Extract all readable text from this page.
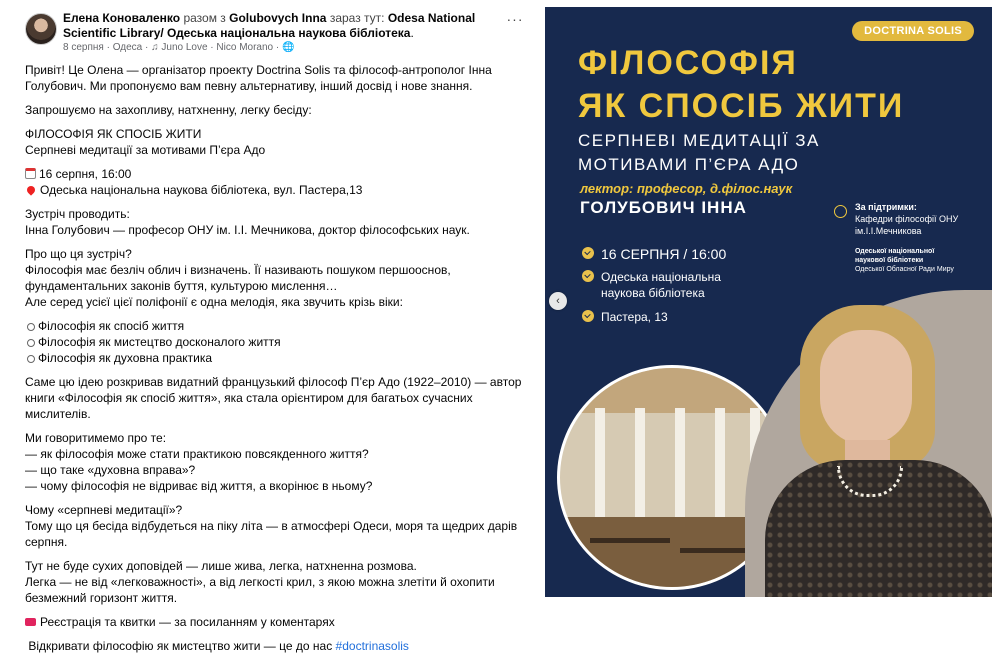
Елена Коноваленко разом з Golubovych Inna зараз тут: Odesa National Scientific Library/ Одеська національна наукова бібліотека.
8 серпня · Одеса · ♫ Juno Love · Nico Morano · 🌐
···

Привіт! Це Олена — організатор проекту Doctrina Solis та філософ-антрополог Інна Голубович. Ми пропонуємо вам певну альтернативу, інший досвід і нове знання.

Запрошуємо на захопливу, натхненну, легку бесіду:

ФІЛОСОФІЯ ЯК СПОСІБ ЖИТИ
Серпневі медитації за мотивами П’єра Адо

16 серпня, 16:00
Одеська національна наукова бібліотека, вул. Пастера,13

Зустріч проводить:
Інна Голубович — професор ОНУ ім. І.І. Мечникова, доктор філософських наук.

Про що ця зустріч?
Філософія має безліч облич і визначень. Її називають пошуком першооснов,
фундаментальних законів буття, культурою мислення…
Але серед усієї цієї поліфонії є одна мелодія, яка звучить крізь віки:

Філософія як спосіб життя
Філософія як мистецтво досконалого життя
Філософія як духовна практика

Саме цю ідею розкривав видатний французький філософ П’єр Адо (1922–2010) — автор книги «Філософія як спосіб життя», яка стала орієнтиром для багатьох сучасних мислителів.

Ми говоритимемо про те:
— як філософія може стати практикою повсякденного життя?
— що таке «духовна вправа»?
— чому філософія не відриває від життя, а вкорінює в ньому?

Чому «серпневі медитації»?
Тому що ця бесіда відбудеться на піку літа — в атмосфері Одеси, моря та щедрих дарів серпня.

Тут не буде сухих доповідей — лише жива, легка, натхненна розмова.
Легка — не від «легковажності», а від легкості крил, з якою можна злетіти й охопити безмежний горизонт життя.

Реєстрація та квитки — за посиланням у коментарях

Відкривати філософію як мистецтво жити — це до нас #doctrinasolis

DOCTRINA SOLIS
ФІЛОСОФІЯ
ЯК СПОСІБ ЖИТИ
СЕРПНЕВІ МЕДИТАЦІЇ ЗА
МОТИВАМИ П’ЄРА АДО
лектор: професор, д.філос.наук
ГОЛУБОВИЧ ІННА
16 СЕРПНЯ / 16:00
Одеська національна
наукова бібліотека
Пастера, 13
За підтримки:
Кафедри філософії ОНУ
ім.І.І.Мечникова
Одеської національної
наукової бібліотеки
Одеської Обласної Ради Миру
‹
